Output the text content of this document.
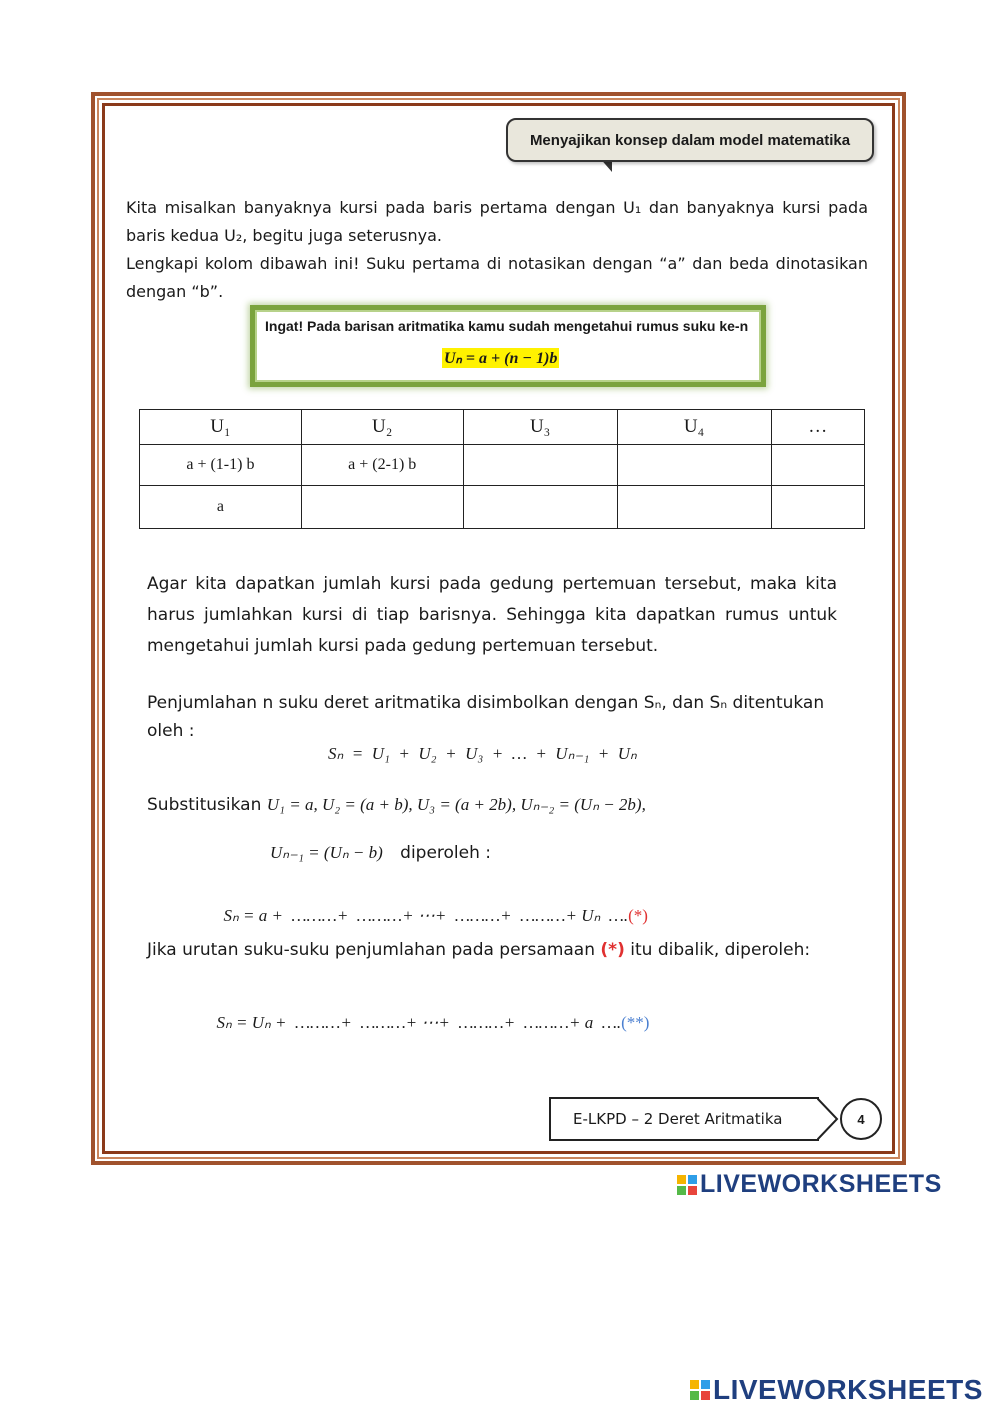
Menyajikan konsep dalam model matematika
Kita misalkan banyaknya kursi pada baris pertama dengan U₁ dan banyaknya kursi pada baris kedua U₂, begitu juga seterusnya.
Lengkapi kolom dibawah ini! Suku pertama di notasikan dengan “a” dan beda dinotasikan dengan “b”.
Ingat! Pada barisan aritmatika kamu sudah mengetahui rumus suku ke-n
Uₙ = a + (n − 1)b
U₁	U₂	U₃	U₄	…
a + (1-1) b	a + (2-1) b			
a				
Agar kita dapatkan jumlah kursi pada gedung pertemuan tersebut, maka kita harus jumlahkan kursi di tiap barisnya. Sehingga kita dapatkan rumus untuk mengetahui jumlah kursi pada gedung pertemuan tersebut.
Penjumlahan n suku deret aritmatika disimbolkan dengan Sₙ, dan Sₙ ditentukan oleh :
Sₙ  =  U₁  +  U₂  +  U₃  +  …  +  Uₙ₋₁  +  Uₙ
Substitusikan U₁ = a, U₂ = (a + b), U₃ = (a + 2b), Uₙ₋₂ = (Uₙ − 2b),
Uₙ₋₁ = (Uₙ − b) diperoleh :

Sₙ = a +  ………+  ………+ ⋯+  ………+  ………+ Uₙ  ….(*)

Jika urutan suku-suku penjumlahan pada persamaan (*) itu dibalik, diperoleh:

Sₙ = Uₙ +  ………+  ………+ ⋯+  ………+  ………+ a  ….(**)

E-LKPD – 2 Deret Aritmatika	4
LIVEWORKSHEETS
LIVEWORKSHEETS
